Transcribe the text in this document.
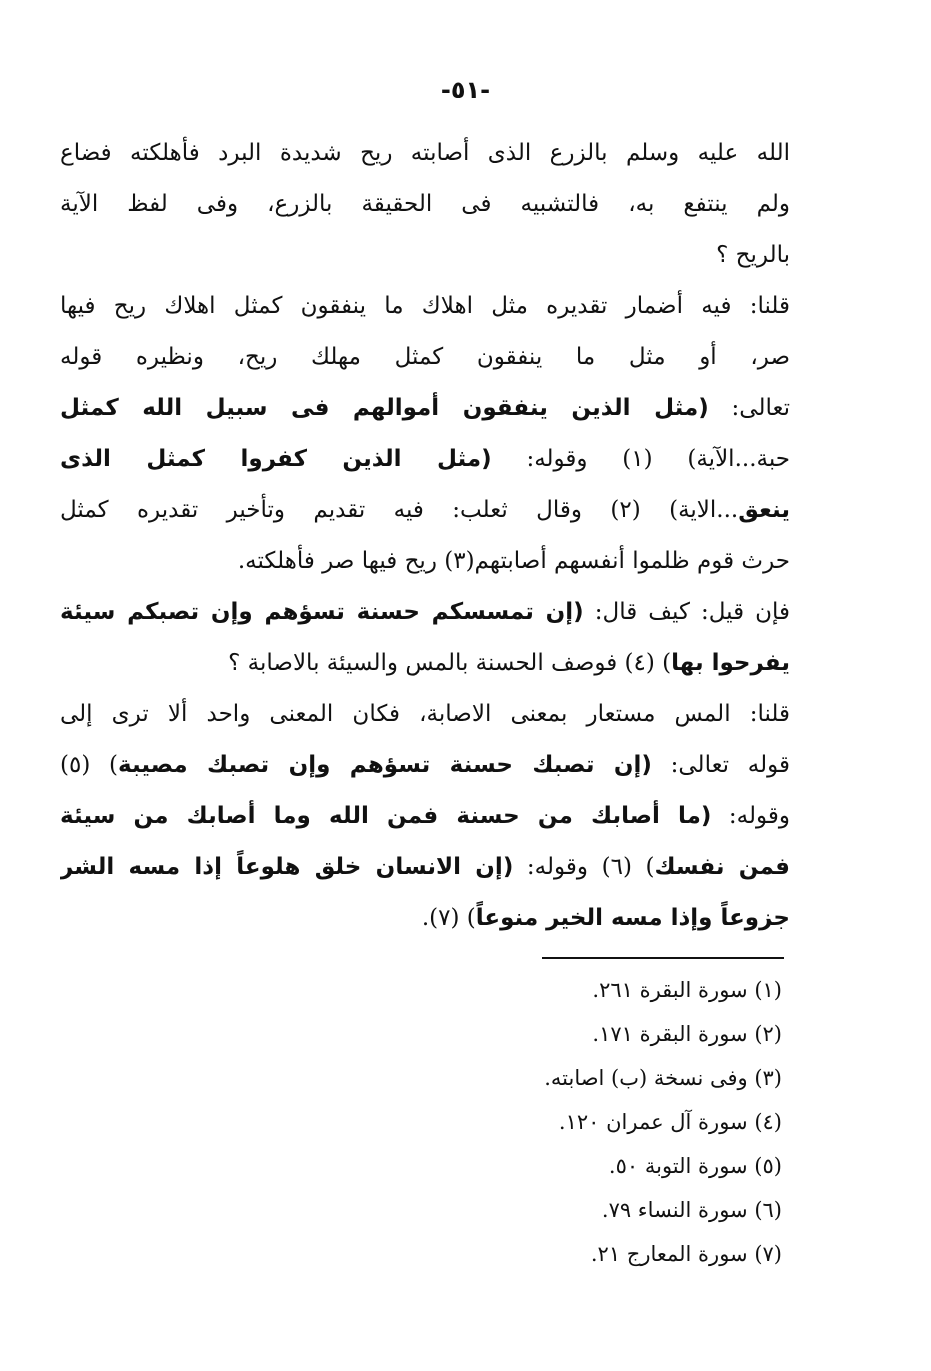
-٥١-
الله عليه وسلم بالزرع الذى أصابته ريح شديدة البرد فأهلكته فضاع
ولم ينتفع به، فالتشبيه فى الحقيقة بالزرع، وفى لفظ الآية
بالريح ؟
قلنا: فيه أضمار تقديره مثل اهلاك ما ينفقون كمثل اهلاك ريح فيها
صر، أو مثل ما ينفقون كمثل مهلك ريح، ونظيره قوله
تعالى: (مثل الذين ينفقون أموالهم فى سبيل الله كمثل
حبة...الآية) (١) وقوله: (مثل الذين كفروا كمثل الذى
ينعق...الاية) (٢) وقال ثعلب: فيه تقديم وتأخير تقديره كمثل
حرث قوم ظلموا أنفسهم أصابتهم(٣) ريح فيها صر فأهلكته.
فإن قيل: كيف قال: (إن تمسسكم حسنة تسؤهم وإن تصبكم سيئة
يفرحوا بها) (٤) فوصف الحسنة بالمس والسيئة بالاصابة ؟
قلنا: المس مستعار بمعنى الاصابة، فكان المعنى واحد ألا ترى إلى
قوله تعالى: (إن تصبك حسنة تسؤهم وإن تصبك مصيبة) (٥)
وقوله: (ما أصابك من حسنة فمن الله وما أصابك من سيئة
فمن نفسك) (٦) وقوله: (إن الانسان خلق هلوعاً إذا مسه الشر
جزوعاً وإذا مسه الخير منوعاً) (٧).
(١) سورة البقرة ٢٦١.
(٢) سورة البقرة ١٧١.
(٣) وفى نسخة (ب) اصابته.
(٤) سورة آل عمران ١٢٠.
(٥) سورة التوبة ٥٠.
(٦) سورة النساء ٧٩.
(٧) سورة المعارج ٢١.
